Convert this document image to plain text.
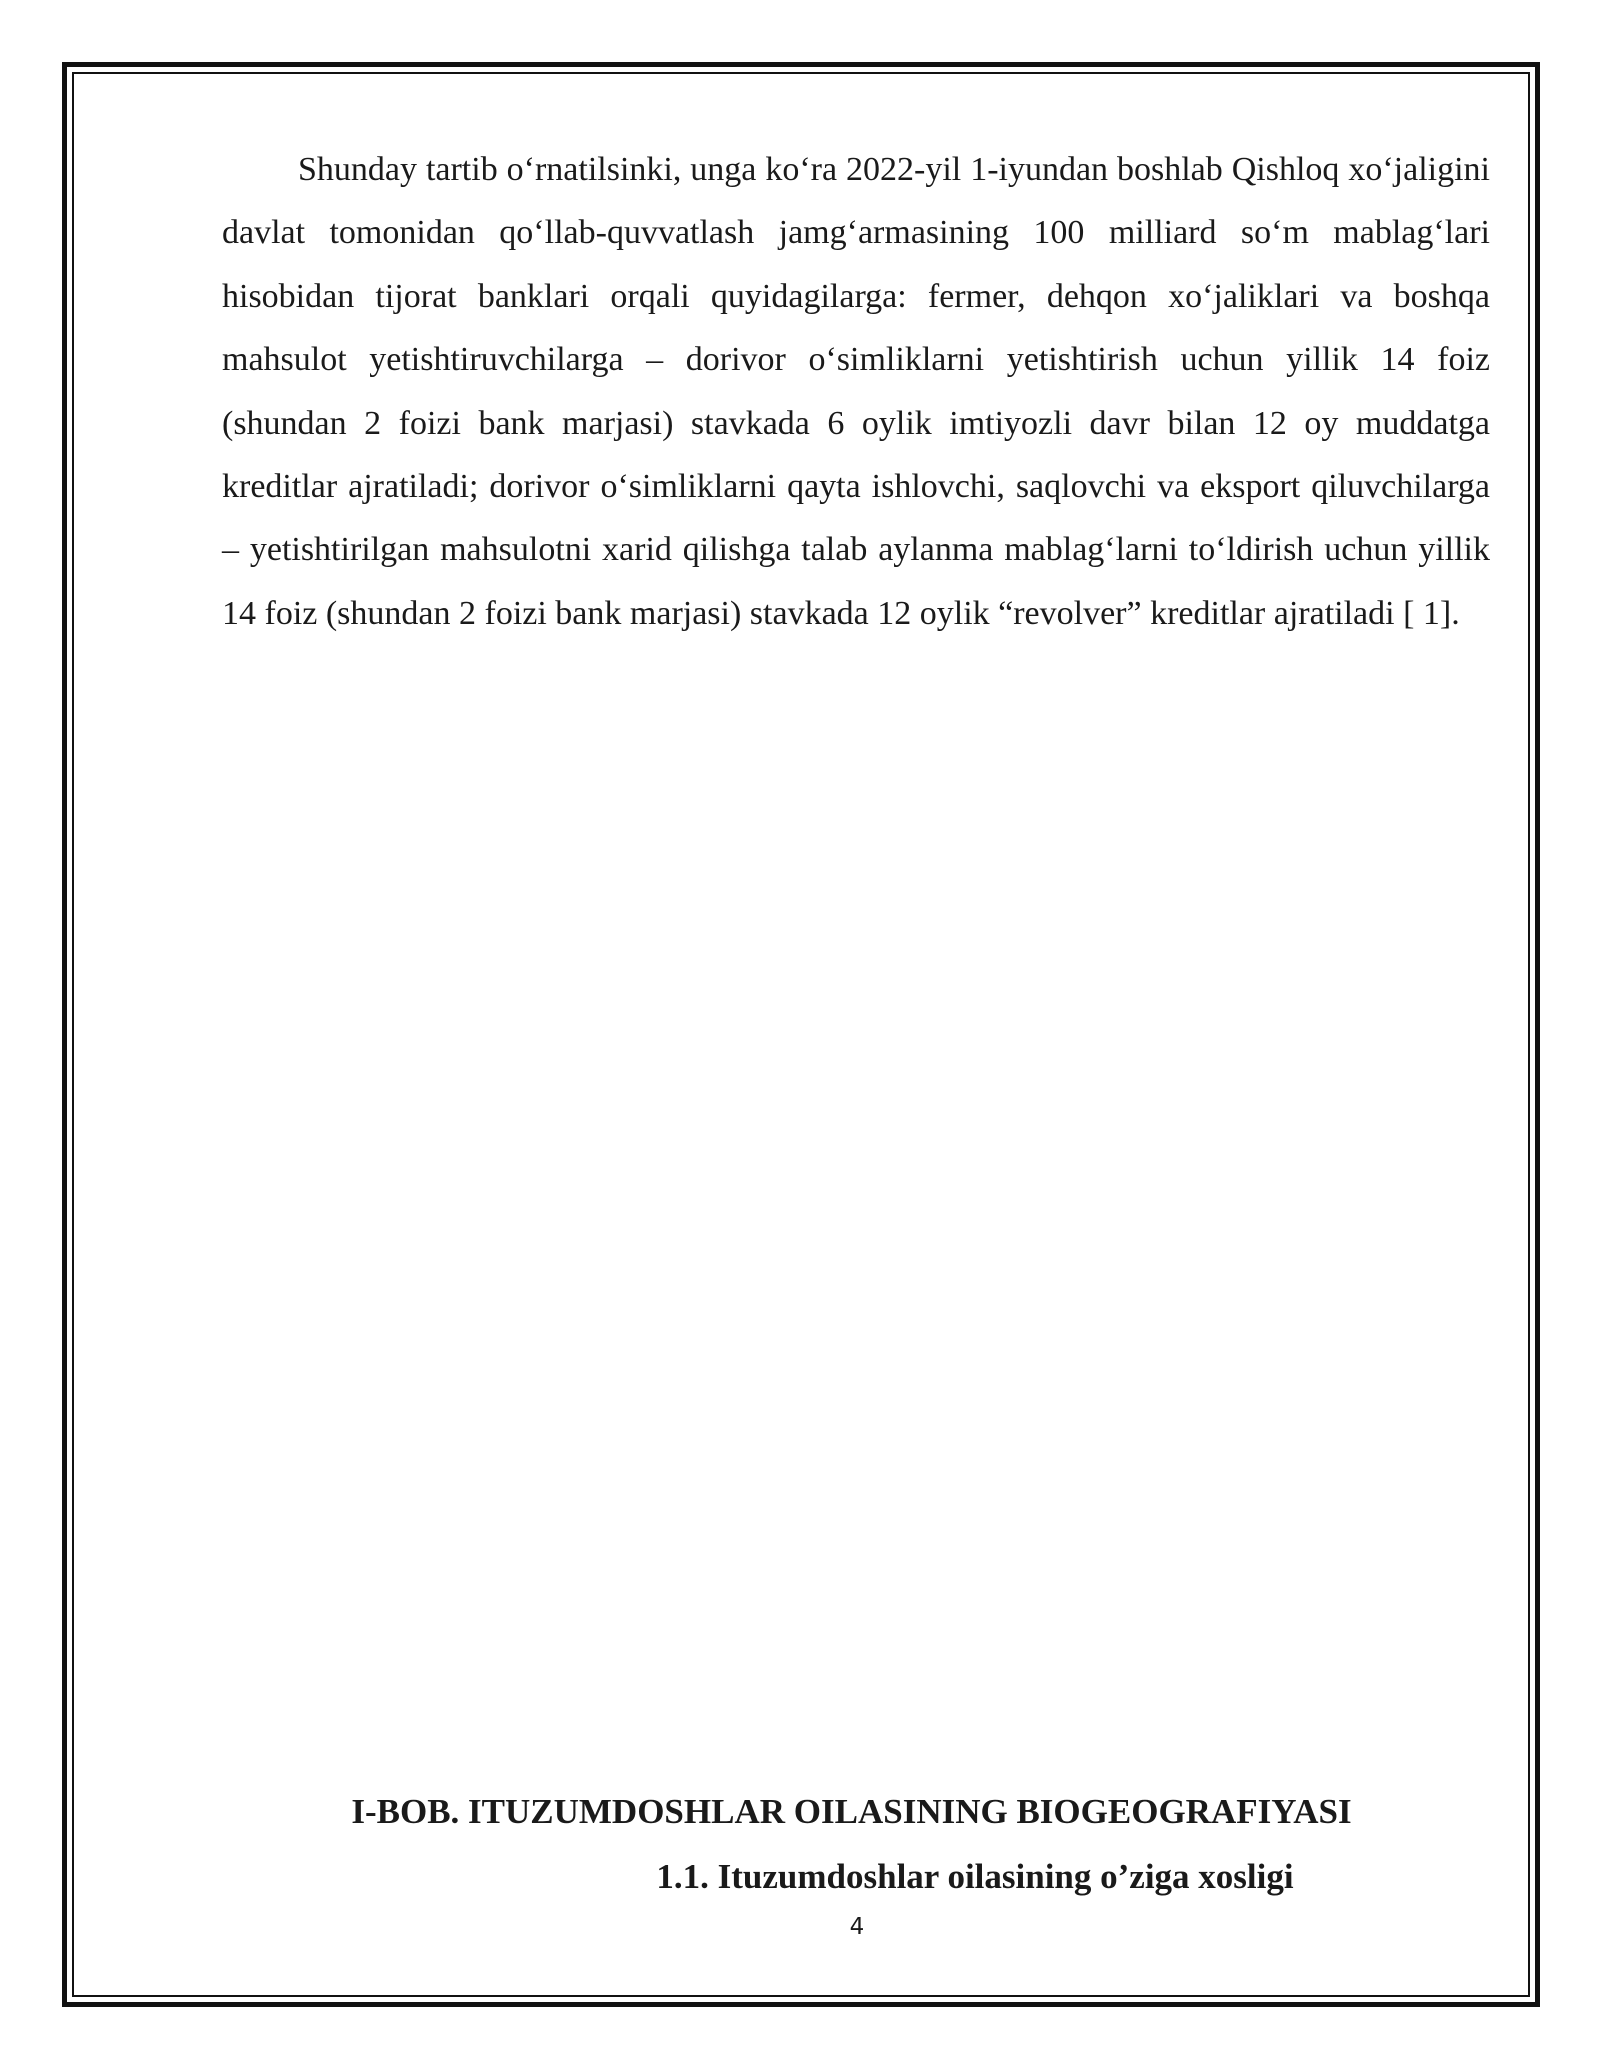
Shunday tartib o‘rnatilsinki, unga ko‘ra 2022-yil 1-iyundan boshlab Qishloq xo‘jaligini davlat tomonidan qo‘llab-quvvatlash jamg‘armasining 100 milliard so‘m mablag‘lari hisobidan tijorat banklari orqali quyidagilarga: fermer, dehqon xo‘jaliklari va boshqa mahsulot yetishtiruvchilarga – dorivor o‘simliklarni yetishtirish uchun yillik 14 foiz (shundan 2 foizi bank marjasi) stavkada 6 oylik imtiyozli davr bilan 12 oy muddatga kreditlar ajratiladi; dorivor o‘simliklarni qayta ishlovchi, saqlovchi va eksport qiluvchilarga – yetishtirilgan mahsulotni xarid qilishga talab aylanma mablag‘larni to‘ldirish uchun yillik 14 foiz (shundan 2 foizi bank marjasi) stavkada 12 oylik “revolver” kreditlar ajratiladi [ 1].

I-BOB. ITUZUMDOSHLAR OILASINING BIOGEOGRAFIYASI
1.1. Ituzumdoshlar oilasining o’ziga xosligi
4
